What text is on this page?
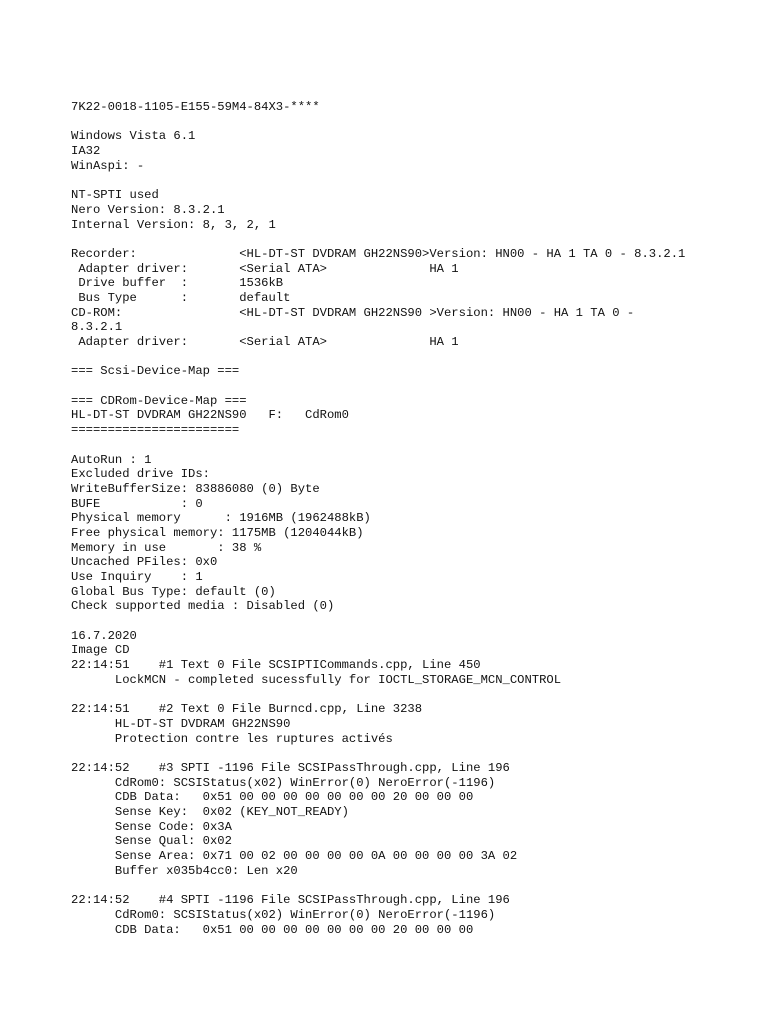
7K22-0018-1105-E155-59M4-84X3-****
Windows Vista 6.1
IA32
WinAspi: -
NT-SPTI used
Nero Version: 8.3.2.1
Internal Version: 8, 3, 2, 1
Recorder:              <HL-DT-ST DVDRAM GH22NS90>Version: HN00 - HA 1 TA 0 - 8.3.2.1
Adapter driver:       <Serial ATA>              HA 1
Drive buffer  :       1536kB
Bus Type      :       default
CD-ROM:                <HL-DT-ST DVDRAM GH22NS90 >Version: HN00 - HA 1 TA 0 -
8.3.2.1
Adapter driver:       <Serial ATA>              HA 1
=== Scsi-Device-Map ===
=== CDRom-Device-Map ===
HL-DT-ST DVDRAM GH22NS90   F:   CdRom0
=======================
AutoRun : 1
Excluded drive IDs:
WriteBufferSize: 83886080 (0) Byte
BUFE           : 0
Physical memory      : 1916MB (1962488kB)
Free physical memory: 1175MB (1204044kB)
Memory in use       : 38 %
Uncached PFiles: 0x0
Use Inquiry    : 1
Global Bus Type: default (0)
Check supported media : Disabled (0)
16.7.2020
Image CD
22:14:51    #1 Text 0 File SCSIPTICommands.cpp, Line 450
LockMCN - completed sucessfully for IOCTL_STORAGE_MCN_CONTROL
22:14:51    #2 Text 0 File Burncd.cpp, Line 3238
HL-DT-ST DVDRAM GH22NS90
Protection contre les ruptures activés
22:14:52    #3 SPTI -1196 File SCSIPassThrough.cpp, Line 196
CdRom0: SCSIStatus(x02) WinError(0) NeroError(-1196)
CDB Data:   0x51 00 00 00 00 00 00 00 20 00 00 00
Sense Key:  0x02 (KEY_NOT_READY)
Sense Code: 0x3A
Sense Qual: 0x02
Sense Area: 0x71 00 02 00 00 00 00 0A 00 00 00 00 3A 02
Buffer x035b4cc0: Len x20
22:14:52    #4 SPTI -1196 File SCSIPassThrough.cpp, Line 196
CdRom0: SCSIStatus(x02) WinError(0) NeroError(-1196)
CDB Data:   0x51 00 00 00 00 00 00 00 20 00 00 00
